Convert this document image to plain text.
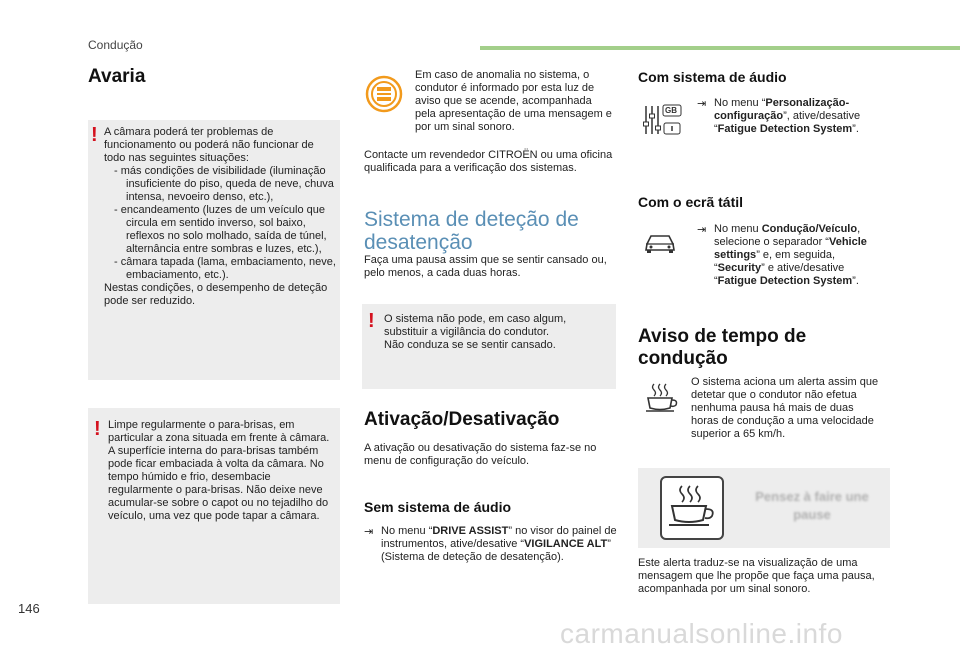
Condução
Avaria
! A câmara poderá ter problemas de funcionamento ou poderá não funcionar de todo nas seguintes situações:

- más condições de visibilidade (iluminação insuficiente do piso, queda de neve, chuva intensa, nevoeiro denso, etc.),
- encandeamento (luzes de um veículo que circula em sentido inverso, sol baixo, reflexos no solo molhado, saída de túnel, alternância entre sombras e luzes, etc.),
- câmara tapada (lama, embaciamento, neve, embaciamento, etc.).

Nestas condições, o desempenho de deteção pode ser reduzido.

! Limpe regularmente o para-brisas, em particular a zona situada em frente à câmara.

A superfície interna do para-brisas também pode ficar embaciada à volta da câmara. No tempo húmido e frio, desembacie regularmente o para-brisas. Não deixe neve acumular-se sobre o capot ou no tejadilho do veículo, uma vez que pode tapar a câmara.

Em caso de anomalia no sistema, o condutor é informado por esta luz de aviso que se acende, acompanhada pela apresentação de uma mensagem e por um sinal sonoro.
Contacte um revendedor CITROËN ou uma oficina qualificada para a verificação dos sistemas.
Sistema de deteção de
desatenção
Faça uma pausa assim que se sentir cansado ou, pelo menos, a cada duas horas.
! O sistema não pode, em caso algum, substituir a vigilância do condutor.

Não conduza se se sentir cansado.

Ativação/Desativação
A ativação ou desativação do sistema faz-se no menu de configuração do veículo.
Sem sistema de áudio
⇥ No menu “DRIVE ASSIST” no visor do painel de instrumentos, ative/desative “VIGILANCE ALT” (Sistema de deteção de desatenção).
Com sistema de áudio
GB
⇥ No menu “Personalização-configuração”, ative/desative “Fatigue Detection System”.
Com o ecrã tátil
⇥ No menu Condução/Veículo, selecione o separador “Vehicle settings” e, em seguida, “Security” e ative/desative “Fatigue Detection System”.
Aviso de tempo de
condução
O sistema aciona um alerta assim que detetar que o condutor não efetua nenhuma pausa há mais de duas horas de condução a uma velocidade superior a 65 km/h.
Pensez à faire une
pause
Este alerta traduz-se na visualização de uma mensagem que lhe propõe que faça uma pausa, acompanhada por um sinal sonoro.
146
carmanualsonline.info
